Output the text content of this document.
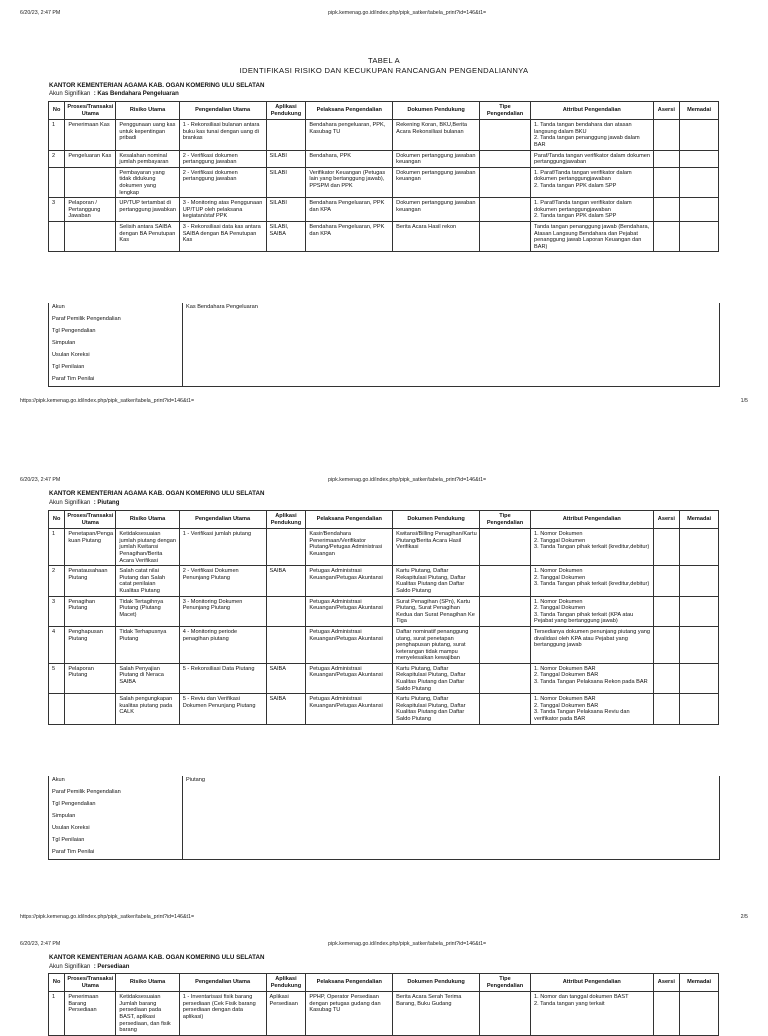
6/20/23, 2:47 PM	pipk.kemenag.go.id/index.php/pipk_satker/tabela_print?id=146&t1=
TABEL A
IDENTIFIKASI RISIKO DAN KECUKUPAN RANCANGAN PENGENDALIANNYA
KANTOR KEMENTERIAN AGAMA KAB. OGAN KOMERING ULU SELATAN
Akun Signifikan : Kas Bendahara Pengeluaran
No	Proses/Transaksi Utama	Risiko Utama	Pengendalian Utama	Aplikasi Pendukung	Pelaksana Pengendalian	Dokumen Pendukung	Tipe Pengendalian	Attribut Pengendalian	Asersi	Memadai
1	Penerimaan Kas	Penggunaan uang kas untuk kepentingan pribadi	1 - Rekonsiliasi bulanan antara buku kas tunai dengan uang di brankas		Bendahara pengeluaran, PPK, Kasubag TU	Rekening Koran, BKU,Berita Acara Rekonsiliasi bulanan		1. Tanda tangan bendahara dan atasan langsung dalam BKU
2. Tanda tangan penanggung jawab dalam BAR		
2	Pengeluaran Kas	Kesalahan nominal jumlah pembayaran	2 - Verifikasi dokumen pertanggung jawaban	SILABI	Bendahara, PPK	Dokumen pertanggung jawaban keuangan		Paraf/Tanda tangan verifikator dalam dokumen pertanggungjawaban		
		Pembayaran yang tidak didukung dokumen yang lengkap	2 - Verifikasi dokumen pertanggung jawaban	SILABI	Verifikator Keuangan (Petugas lain yang bertanggung jawab), PPSPM dan PPK	Dokumen pertanggung jawaban keuangan		1. Paraf/Tanda tangan verifikator dalam dokumen pertanggungjawaban
2. Tanda tangan PPK dalam SPP		
3	Pelaporan / Pertanggung Jawaban	UP/TUP tertambat di pertanggung jawabkan	3 - Monitoring atas Penggunaan UP/TUP oleh pelaksana kegiatan/staf PPK	SILABI	Bendahara Pengeluaran, PPK dan KPA	Dokumen pertanggung jawaban keuangan		1. Paraf/Tanda tangan verifikator dalam dokumen pertanggungjawaban
2. Tanda tangan PPK dalam SPP		
		Selisih antara SAIBA dengan BA Penutupan Kas	3 - Rekonsiliasi data kas antara SAIBA dengan BA Penutupan Kas	SILABI, SAIBA	Bendahara Pengeluaran, PPK dan KPA	Berita Acara Hasil rekon		Tanda tangan penanggung jawab (Bendahara, Atasan Langsung Bendahara dan Pejabat penanggung jawab Laporan Keuangan dan BAR)		
Akun	Kas Bendahara Pengeluaran
Paraf Pemilik Pengendalian	
Tgl Pengendalian	
Simpulan	
Usulan Koreksi	
Tgl Penilaian	
Paraf Tim Penilai	
https://pipk.kemenag.go.id/index.php/pipk_satker/tabela_print?id=146&t1=	1/5
6/20/23, 2:47 PM	pipk.kemenag.go.id/index.php/pipk_satker/tabela_print?id=146&t1=
KANTOR KEMENTERIAN AGAMA KAB. OGAN KOMERING ULU SELATAN
Akun Signifikan : Piutang
No	Proses/Transaksi Utama	Risiko Utama	Pengendalian Utama	Aplikasi Pendukung	Pelaksana Pengendalian	Dokumen Pendukung	Tipe Pengendalian	Attribut Pengendalian	Asersi	Memadai
1	Penetapan/Pengakuan Piutang	Ketidaksesuaian jumlah piutang dengan jumlah Kwitansi Penagihan/Berita Acara Verifikasi	1 - Verifikasi jumlah piutang		Kasir/Bendahara Penerimaan/Verifikator Piutang/Petugas Administrasi Keuangan	Kwitansi/Billing Penagihan/Kartu Piutang/Berita Acara Hasil Verifikasi		1. Nomor Dokumen
2. Tanggal Dokumen
3. Tanda Tangan pihak terkait (kreditur,debitur)		
2	Penatausahaan Piutang	Salah catat nilai Piutang dan Salah catat penilaian Kualitas Piutang	2 - Verifikasi Dokumen Penunjang Piutang	SAIBA	Petugas Administrasi Keuangan/Petugas Akuntansi	Kartu Piutang, Daftar Rekapitulasi Piutang, Daftar Kualitas Piutang dan Daftar Saldo Piutang		1. Nomor Dokumen
2. Tanggal Dokumen
3. Tanda Tangan pihak terkait (kreditur,debitur)		
3	Penagihan Piutang	Tidak Tertagihnya Piutang (Piutang Macet)	3 - Monitoring Dokumen Penunjang Piutang		Petugas Administrasi Keuangan/Petugas Akuntansi	Surat Penagihan (SPn), Kartu Piutang, Surat Penagihan Kedua dan Surat Penagihan Ke Tiga		1. Nomor Dokumen
2. Tanggal Dokumen
3. Tanda Tangan pihak terkait (KPA atau Pejabat yang bertanggung jawab)		
4	Penghapusan Piutang	Tidak Terhapusnya Piutang	4 - Monitoring periode penagihan piutang		Petugas Administrasi Keuangan/Petugas Akuntansi	Daftar nominatif penanggung utang, surat penetapan penghapusan piutang, surat keterangan tidak mampu menyelesaikan kewajiban		Tersedianya dokumen penunjang piutang yang divalidasi oleh KPA atau Pejabat yang bertanggung jawab		
5	Pelaporan Piutang	Salah Penyajian Piutang di Neraca SAIBA	5 - Rekonsiliasi Data Piutang	SAIBA	Petugas Administrasi Keuangan/Petugas Akuntansi	Kartu Piutang, Daftar Rekapitulasi Piutang, Daftar Kualitas Piutang dan Daftar Saldo Piutang		1. Nomor Dokumen BAR
2. Tanggal Dokumen BAR
3. Tanda Tangan Pelaksana Rekon pada BAR		
		Salah pengungkapan kualitas piutang pada CALK	5 - Reviu dan Verifikasi Dokumen Penunjang Piutang	SAIBA	Petugas Administrasi Keuangan/Petugas Akuntansi	Kartu Piutang, Daftar Rekapitulasi Piutang, Daftar Kualitas Piutang dan Daftar Saldo Piutang		1. Nomor Dokumen BAR
2. Tanggal Dokumen BAR
3. Tanda Tangan Pelaksana Reviu dan verifikator pada BAR		
Akun	Piutang
Paraf Pemilik Pengendalian	
Tgl Pengendalian	
Simpulan	
Usulan Koreksi	
Tgl Penilaian	
Paraf Tim Penilai	
https://pipk.kemenag.go.id/index.php/pipk_satker/tabela_print?id=146&t1=	2/5
6/20/23, 2:47 PM	pipk.kemenag.go.id/index.php/pipk_satker/tabela_print?id=146&t1=
KANTOR KEMENTERIAN AGAMA KAB. OGAN KOMERING ULU SELATAN
Akun Signifikan : Persediaan
No	Proses/Transaksi Utama	Risiko Utama	Pengendalian Utama	Aplikasi Pendukung	Pelaksana Pengendalian	Dokumen Pendukung	Tipe Pengendalian	Attribut Pengendalian	Asersi	Memadai
1	Penerimaan Barang Persediaan	Ketidaksesuaian Jumlah barang persediaan pada BAST, aplikasi persediaan, dan fisik barang	1 - Inventarisasi fisik barang persediaan (Cek Fisik barang persediaan dengan data aplikasi)	Aplikasi Persediaan	PPHP, Operator Persediaan dengan petugas gudang dan Kasubag TU	Berita Acara Serah Terima Barang, Buku Gudang		1. Nomor dan tanggal dokumen BAST
2. Tanda tangan yang terkait		
